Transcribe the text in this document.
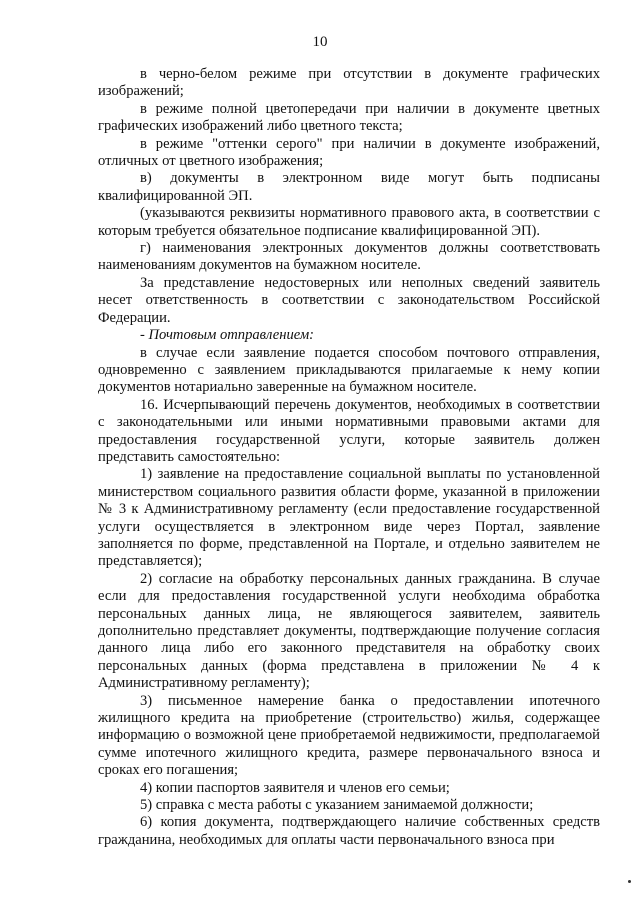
10

в черно-белом режиме при отсутствии в документе графических изображений;

в режиме полной цветопередачи при наличии в документе цветных графических изображений либо цветного текста;

в режиме "оттенки серого" при наличии в документе изображений, отличных от цветного изображения;

в) документы в электронном виде могут быть подписаны квалифицированной ЭП.

(указываются реквизиты нормативного правового акта, в соответствии с которым требуется обязательное подписание квалифицированной ЭП).

г) наименования электронных документов должны соответствовать наименованиям документов на бумажном носителе.

За представление недостоверных или неполных сведений заявитель несет ответственность в соответствии с законодательством Российской Федерации.

- Почтовым отправлением:

в случае если заявление подается способом почтового отправления, одновременно с заявлением прикладываются прилагаемые к нему копии документов нотариально заверенные на бумажном носителе.

16. Исчерпывающий перечень документов, необходимых в соответствии с законодательными или иными нормативными правовыми актами для предоставления государственной услуги, которые заявитель должен представить самостоятельно:

1) заявление на предоставление социальной выплаты по установленной министерством социального развития области форме, указанной в приложении № 3 к Административному регламенту (если предоставление государственной услуги осуществляется в электронном виде через Портал, заявление заполняется по форме, представленной на Портале, и отдельно заявителем не представляется);

2) согласие на обработку персональных данных гражданина. В случае если для предоставления государственной услуги необходима обработка персональных данных лица, не являющегося заявителем, заявитель дополнительно представляет документы, подтверждающие получение согласия данного лица либо его законного представителя на обработку своих персональных данных (форма представлена в приложении № 4 к Административному регламенту);

3) письменное намерение банка о предоставлении ипотечного жилищного кредита на приобретение (строительство) жилья, содержащее информацию о возможной цене приобретаемой недвижимости, предполагаемой сумме ипотечного жилищного кредита, размере первоначального взноса и сроках его погашения;

4) копии паспортов заявителя и членов его семьи;

5) справка с места работы с указанием занимаемой должности;

6) копия документа, подтверждающего наличие собственных средств гражданина, необходимых для оплаты части первоначального взноса при
